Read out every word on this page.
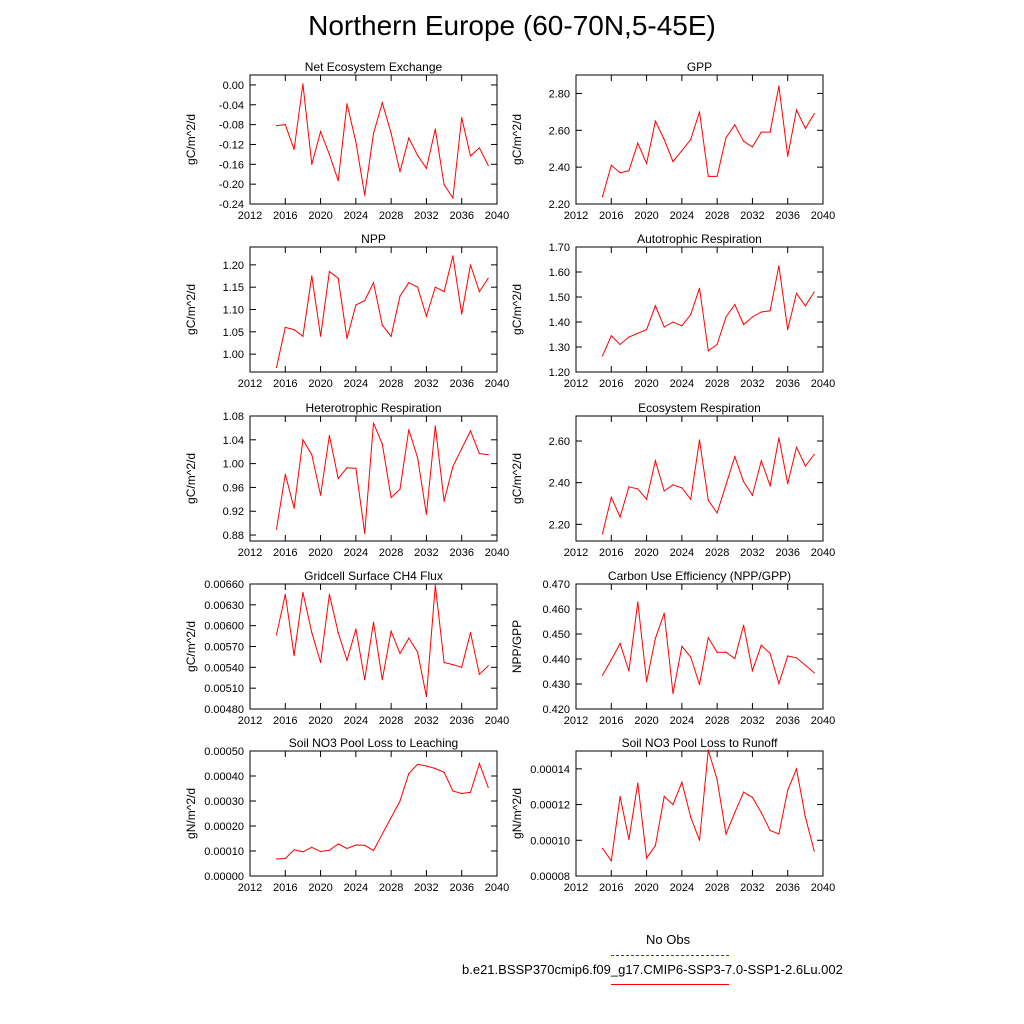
Northern Europe (60-70N,5-45E)
Net Ecosystem Exchange
gC/m^2/d
2012 2016 2020 2024 2028 2032 2036 2040
0.00
-0.04
-0.08
-0.12
-0.16
-0.20
-0.24
GPP
gC/m^2/d
2012 2016 2020 2024 2028 2032 2036 2040
2.20
2.40
2.60
2.80
NPP
gC/m^2/d
2012 2016 2020 2024 2028 2032 2036 2040
1.00
1.05
1.10
1.15
1.20
Autotrophic Respiration
gC/m^2/d
2012 2016 2020 2024 2028 2032 2036 2040
1.20
1.30
1.40
1.50
1.60
1.70
Heterotrophic Respiration
gC/m^2/d
2012 2016 2020 2024 2028 2032 2036 2040
0.88
0.92
0.96
1.00
1.04
1.08
Ecosystem Respiration
gC/m^2/d
2012 2016 2020 2024 2028 2032 2036 2040
2.20
2.40
2.60
Gridcell Surface CH4 Flux
gC/m^2/d
2012 2016 2020 2024 2028 2032 2036 2040
0.00480
0.00510
0.00540
0.00570
0.00600
0.00630
0.00660
Carbon Use Efficiency (NPP/GPP)
NPP/GPP
2012 2016 2020 2024 2028 2032 2036 2040
0.420
0.430
0.440
0.450
0.460
0.470
Soil NO3 Pool Loss to Leaching
gN/m^2/d
2012 2016 2020 2024 2028 2032 2036 2040
0.00000
0.00010
0.00020
0.00030
0.00040
0.00050
Soil NO3 Pool Loss to Runoff
gN/m^2/d
2012 2016 2020 2024 2028 2032 2036 2040
0.00008
0.00010
0.00012
0.00014
No Obs
b.e21.BSSP370cmip6.f09_g17.CMIP6-SSP3-7.0-SSP1-2.6Lu.002
